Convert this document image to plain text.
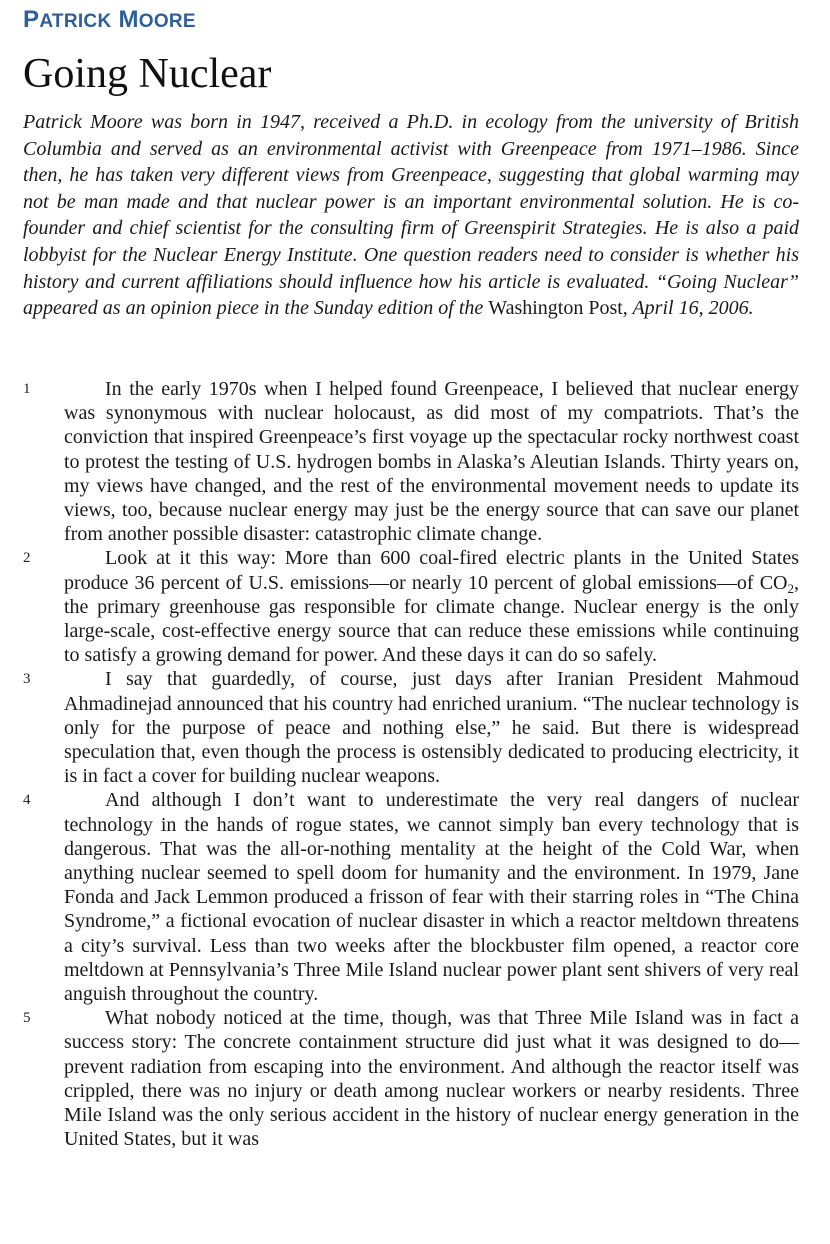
PATRICK MOORE
Going Nuclear
Patrick Moore was born in 1947, received a Ph.D. in ecology from the university of British Columbia and served as an environmental activist with Greenpeace from 1971–1986. Since then, he has taken very different views from Greenpeace, suggesting that global warming may not be man made and that nuclear power is an important environmental solution. He is co-founder and chief scientist for the consulting firm of Greenspirit Strategies. He is also a paid lobbyist for the Nuclear Energy Institute. One question readers need to consider is whether his history and current affiliations should influence how his article is evaluated. “Going Nuclear” appeared as an opinion piece in the Sunday edition of the Washington Post, April 16, 2006.
1	In the early 1970s when I helped found Greenpeace, I believed that nuclear energy was synonymous with nuclear holocaust, as did most of my compatriots. That’s the conviction that inspired Greenpeace’s first voyage up the spectacular rocky northwest coast to protest the testing of U.S. hydrogen bombs in Alaska’s Aleutian Islands. Thirty years on, my views have changed, and the rest of the environmental movement needs to update its views, too, because nuclear energy may just be the energy source that can save our planet from another possible disaster: catastrophic climate change.
2	Look at it this way: More than 600 coal-fired electric plants in the United States produce 36 percent of U.S. emissions—or nearly 10 percent of global emissions—of $CO_2$, the primary greenhouse gas responsible for climate change. Nuclear energy is the only large-scale, cost-effective energy source that can reduce these emissions while continuing to satisfy a growing demand for power. And these days it can do so safely.
3	I say that guardedly, of course, just days after Iranian President Mahmoud Ahmadinejad announced that his country had enriched uranium. “The nuclear technology is only for the purpose of peace and nothing else,” he said. But there is widespread speculation that, even though the process is ostensibly dedicated to producing electricity, it is in fact a cover for building nuclear weapons.
4	And although I don’t want to underestimate the very real dangers of nuclear technology in the hands of rogue states, we cannot simply ban every technology that is dangerous. That was the all-or-nothing mentality at the height of the Cold War, when anything nuclear seemed to spell doom for humanity and the environment. In 1979, Jane Fonda and Jack Lemmon produced a frisson of fear with their starring roles in “The China Syndrome,” a fictional evocation of nuclear disaster in which a reactor meltdown threatens a city’s survival. Less than two weeks after the blockbuster film opened, a reactor core meltdown at Pennsylvania’s Three Mile Island nuclear power plant sent shivers of very real anguish throughout the country.
5	What nobody noticed at the time, though, was that Three Mile Island was in fact a success story: The concrete containment structure did just what it was designed to do—prevent radiation from escaping into the environment. And although the reactor itself was crippled, there was no injury or death among nuclear workers or nearby residents. Three Mile Island was the only serious accident in the history of nuclear energy generation in the United States, but it was
